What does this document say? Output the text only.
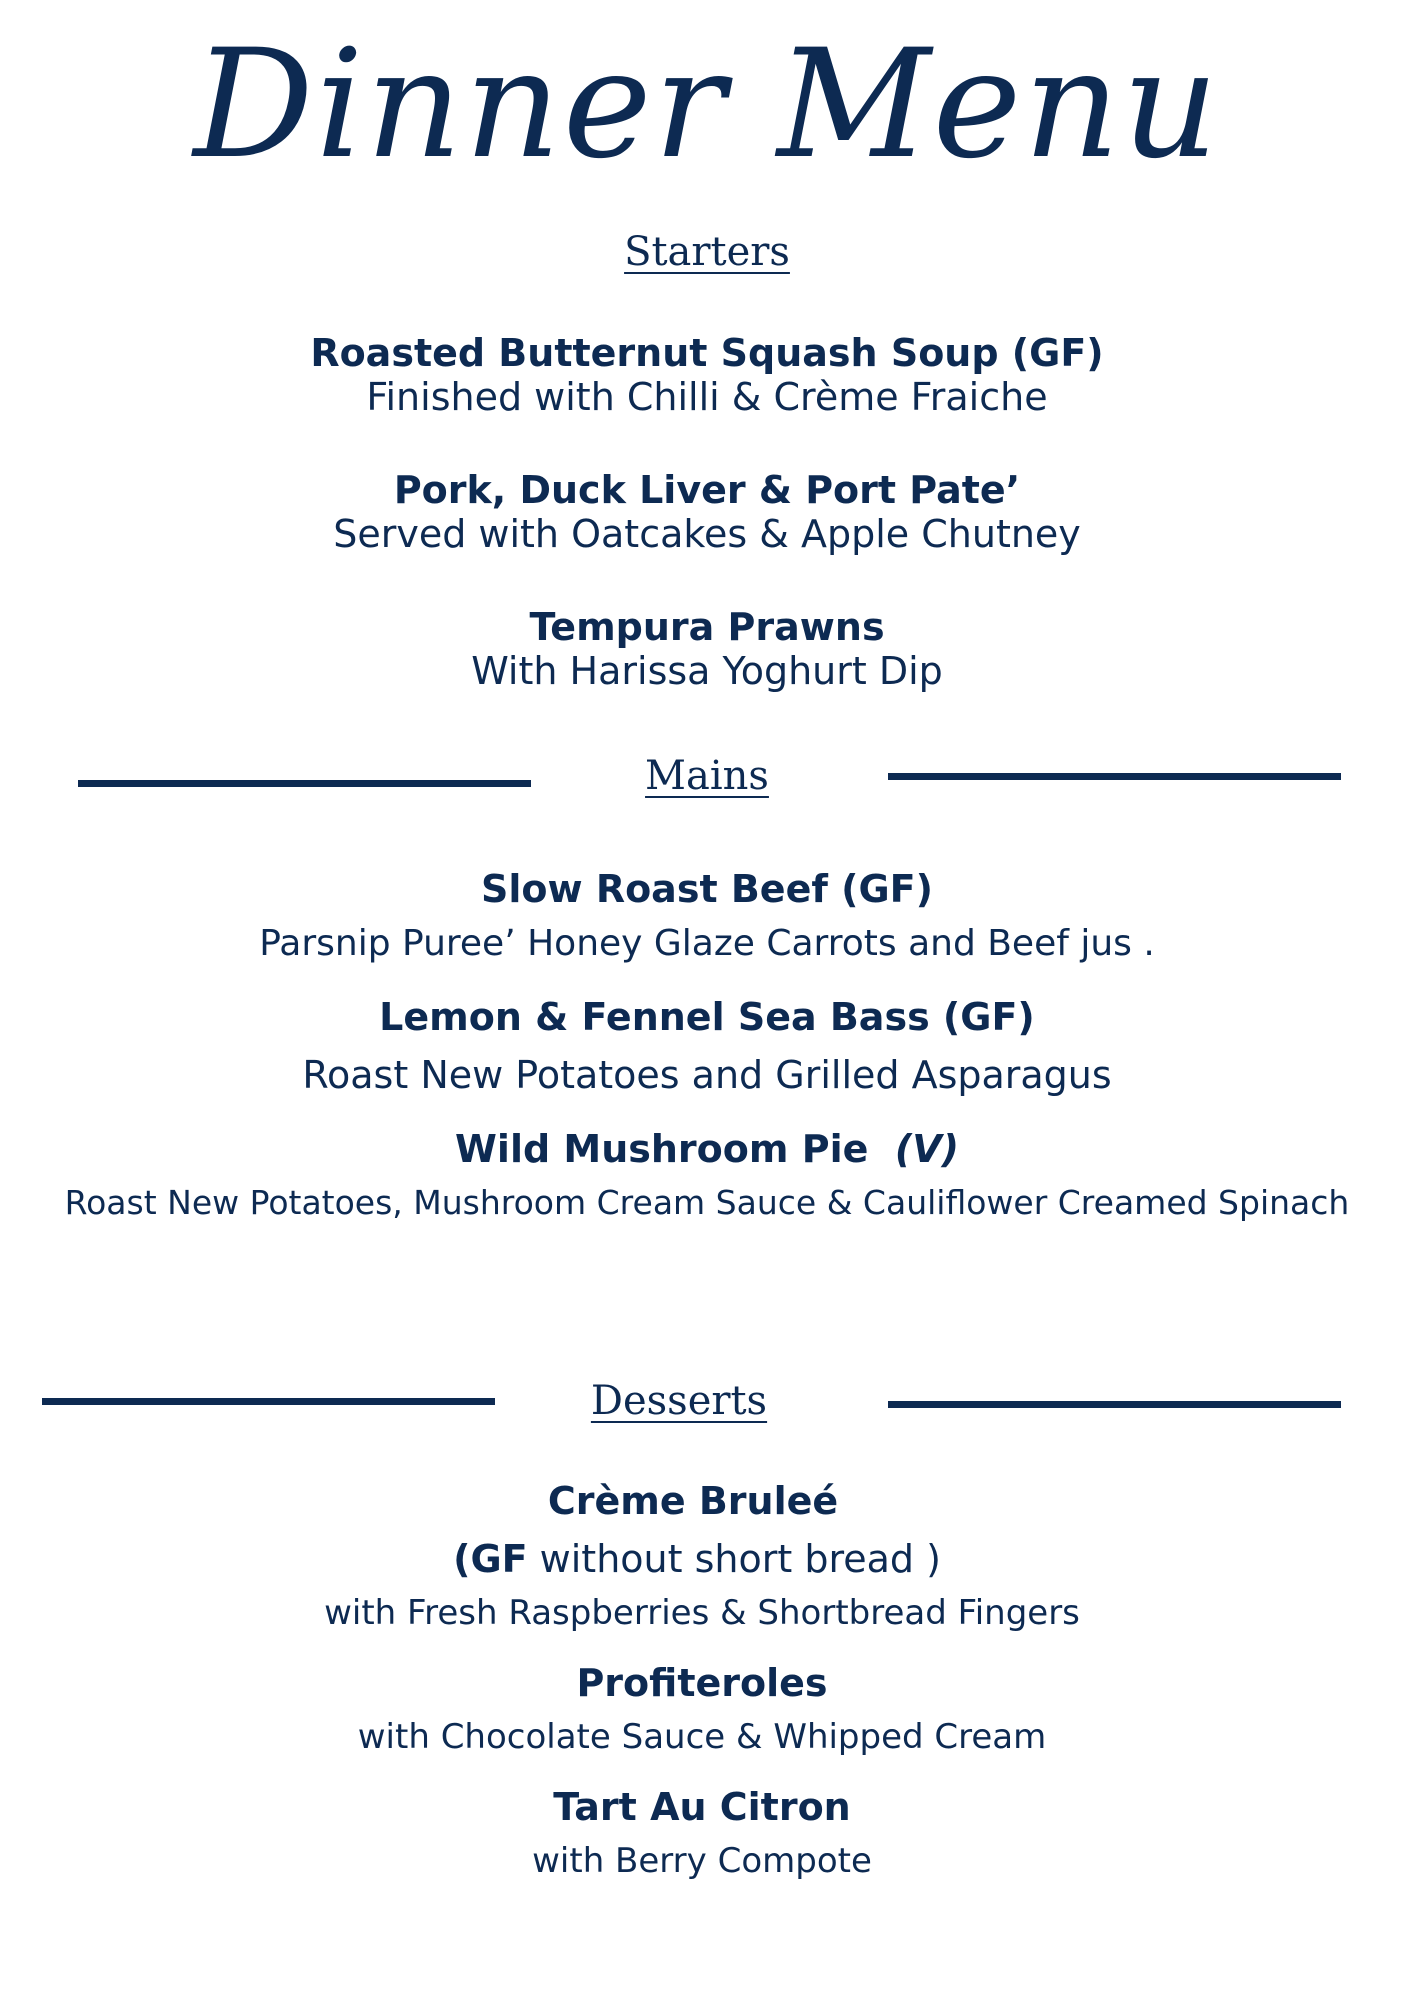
Dinner Menu
Starters
Roasted Butternut Squash Soup (GF)
Finished with Chilli & Crème Fraiche
Pork, Duck Liver & Port Pate’
Served with Oatcakes & Apple Chutney
Tempura Prawns
With Harissa Yoghurt Dip
Mains
Slow Roast Beef (GF)
Parsnip Puree’ Honey Glaze Carrots and Beef jus .
Lemon & Fennel Sea Bass (GF)
Roast New Potatoes and Grilled Asparagus
Wild Mushroom Pie (V)
Roast New Potatoes, Mushroom Cream Sauce & Cauliflower Creamed Spinach
Desserts
Crème Bruleé
(GF without short bread )
with Fresh Raspberries & Shortbread Fingers
Profiteroles
with Chocolate Sauce & Whipped Cream
Tart Au Citron
with Berry Compote
